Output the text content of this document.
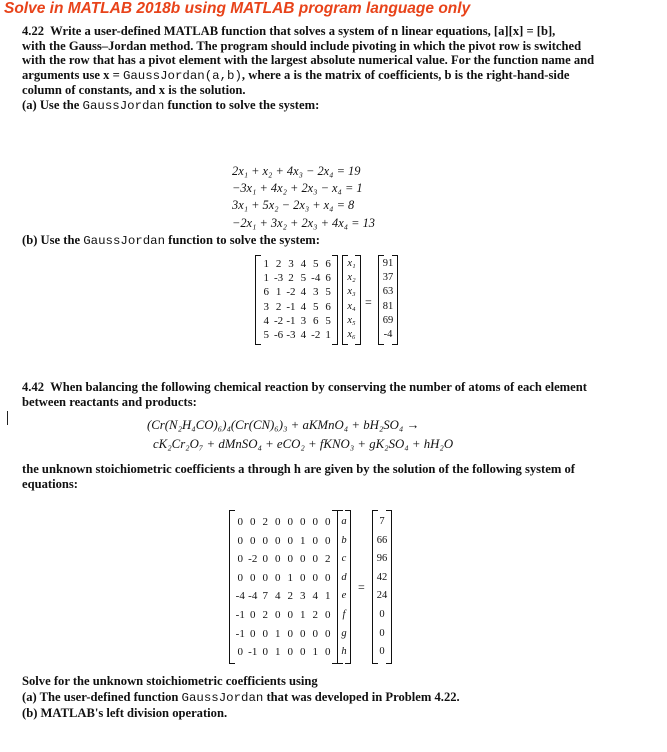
Solve in MATLAB 2018b using MATLAB program language only
4.22 Write a user-defined MATLAB function that solves a system of n linear equations, [a][x] = [b],
with the Gauss–Jordan method. The program should include pivoting in which the pivot row is switched
with the row that has a pivot element with the largest absolute numerical value. For the function name and
arguments use x = GaussJordan(a,b), where a is the matrix of coefficients, b is the right-hand-side
column of constants, and x is the solution.
(a) Use the GaussJordan function to solve the system:
2x₁ + x₂ + 4x₃ − 2x₄ = 19
−3x₁ + 4x₂ + 2x₃ − x₄ = 1
3x₁ + 5x₂ − 2x₃ + x₄ = 8
−2x₁ + 3x₂ + 2x₃ + 4x₄ = 13
(b) Use the GaussJordan function to solve the system:
1 2 3 4 5 6
1 -3 2 5 -4 6
6 1 -2 4 3 5
3 2 -1 4 5 6
4 -2 -1 3 6 5
5 -6 -3 4 -2 1
x₁
x₂
x₃
x₄
x₅
x₆
=
91
37
63
81
69
-4
4.42 When balancing the following chemical reaction by conserving the number of atoms of each element
between reactants and products:
(Cr(N₂H₄CO)₆)₄(Cr(CN)₆)₃ + aKMnO₄ + bH₂SO₄ →
cK₂Cr₂O₇ + dMnSO₄ + eCO₂ + fKNO₃ + gK₂SO₄ + hH₂O
the unknown stoichiometric coefficients a through h are given by the solution of the following system of
equations:
0 0 2 0 0 0 0 0
0 0 0 0 0 1 0 0
0 -2 0 0 0 0 0 2
0 0 0 0 1 0 0 0
-4 -4 7 4 2 3 4 1
-1 0 2 0 0 1 2 0
-1 0 0 1 0 0 0 0
0 -1 0 1 0 0 1 0
a
b
c
d
e
f
g
h
=
7
66
96
42
24
0
0
0
Solve for the unknown stoichiometric coefficients using
(a) The user-defined function GaussJordan that was developed in Problem 4.22.
(b) MATLAB's left division operation.
